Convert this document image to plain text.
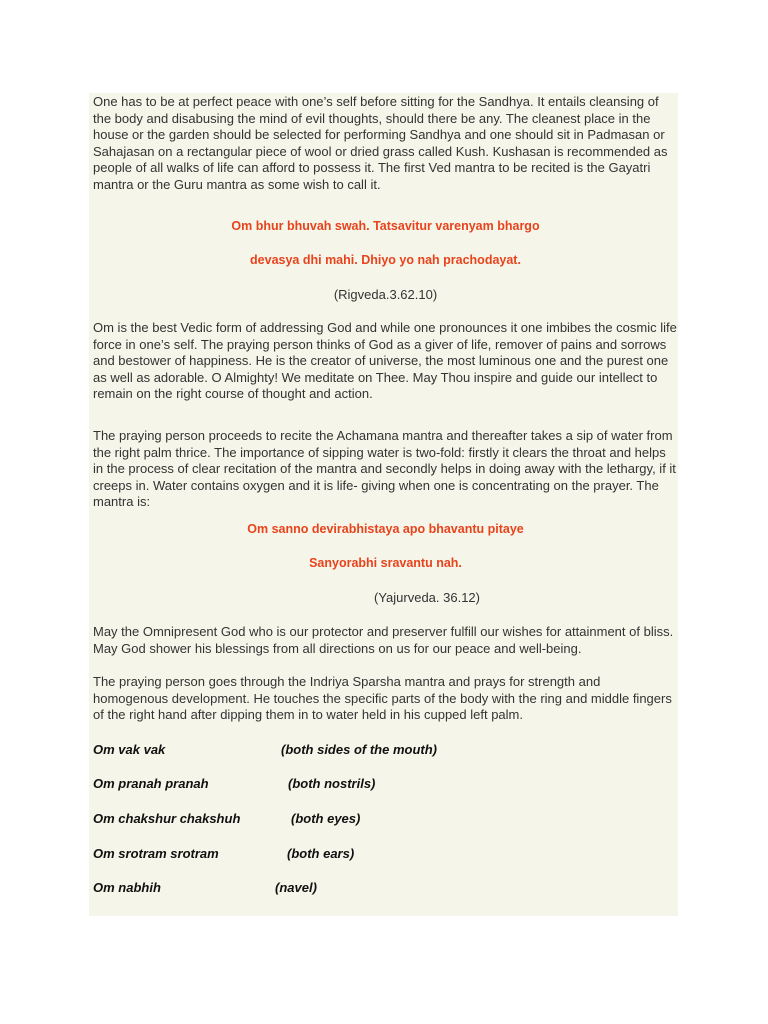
One has to be at perfect peace with one’s self before sitting for the Sandhya. It entails cleansing of the body and disabusing the mind of evil thoughts, should there be any. The cleanest place in the house or the garden should be selected for performing Sandhya and one should sit in Padmasan or Sahajasan on a rectangular piece of wool or dried grass called Kush. Kushasan is recommended as people of all walks of life can afford to possess it. The first Ved mantra to be recited is the Gayatri mantra or the Guru mantra as some wish to call it.

Om bhur bhuvah swah. Tatsavitur varenyam bhargo
devasya dhi mahi. Dhiyo yo nah prachodayat.
(Rigveda.3.62.10)

Om is the best Vedic form of addressing God and while one pronounces it one imbibes the cosmic life force in one’s self. The praying person thinks of God as a giver of life, remover of pains and sorrows and bestower of happiness. He is the creator of universe, the most luminous one and the purest one as well as adorable. O Almighty! We meditate on Thee. May Thou inspire and guide our intellect to remain on the right course of thought and action.

The praying person proceeds to recite the Achamana mantra and thereafter takes a sip of water from the right palm thrice. The importance of sipping water is two-fold: firstly it clears the throat and helps in the process of clear recitation of the mantra and secondly helps in doing away with the lethargy, if it creeps in. Water contains oxygen and it is life- giving when one is concentrating on the prayer. The mantra is:

Om sanno devirabhistaya apo bhavantu pitaye
Sanyorabhi sravantu nah.
(Yajurveda. 36.12)

May the Omnipresent God who is our protector and preserver fulfill our wishes for attainment of bliss. May God shower his blessings from all directions on us for our peace and well-being.

The praying person goes through the Indriya Sparsha mantra and prays for strength and homogenous development. He touches the specific parts of the body with the ring and middle fingers of the right hand after dipping them in to water held in his cupped left palm.

Om vak vak	(both sides of the mouth)
Om pranah pranah	(both nostrils)
Om chakshur chakshuh	(both eyes)
Om srotram srotram	(both ears)
Om nabhih	(navel)
